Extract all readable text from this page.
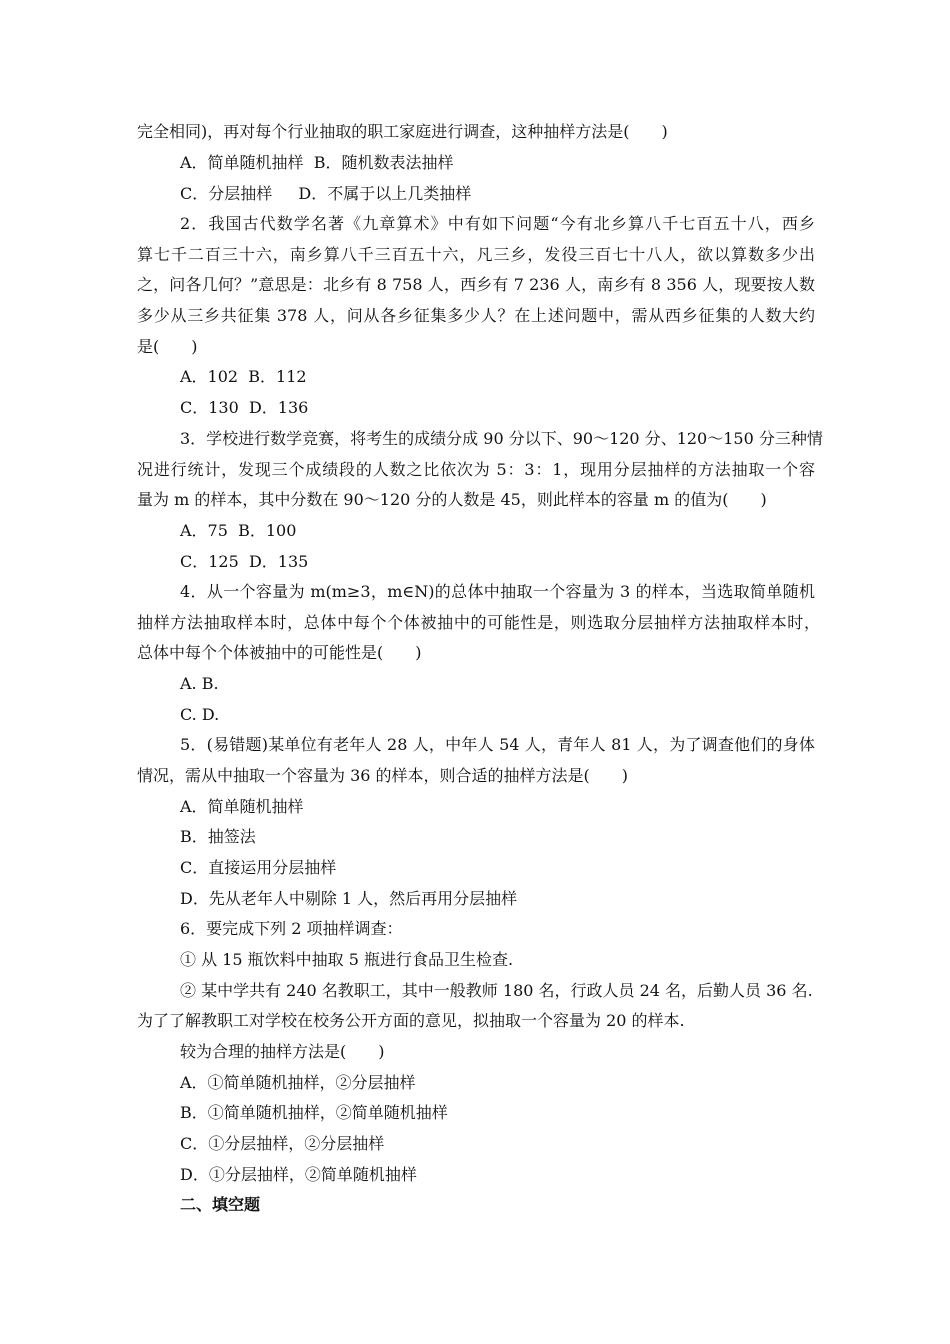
完全相同)，再对每个行业抽取的职工家庭进行调查，这种抽样方法是(　　)
A．简单随机抽样  B．随机数表法抽样
C．分层抽样　  D．不属于以上几类抽样
2．我国古代数学名著《九章算术》中有如下问题“今有北乡算八千七百五十八，西乡
算七千二百三十六，南乡算八千三百五十六，凡三乡，发役三百七十八人，欲以算数多少出
之，问各几何？”意思是：北乡有 8 758 人，西乡有 7 236 人，南乡有 8 356 人，现要按人数
多少从三乡共征集 378 人，问从各乡征集多少人？在上述问题中，需从西乡征集的人数大约
是(　　)
A．102  B．112
C．130  D．136
3．学校进行数学竞赛，将考生的成绩分成 90 分以下、90～120 分、120～150 分三种情
况进行统计，发现三个成绩段的人数之比依次为 5：3：1，现用分层抽样的方法抽取一个容
量为 m 的样本，其中分数在 90～120 分的人数是 45，则此样本的容量 m 的值为(　　)
A．75  B．100
C．125  D．135
4．从一个容量为 m(m≥3，m∈N)的总体中抽取一个容量为 3 的样本，当选取简单随机
抽样方法抽取样本时，总体中每个个体被抽中的可能性是，则选取分层抽样方法抽取样本时，
总体中每个个体被抽中的可能性是(　　)
A. B.
C. D.
5．(易错题)某单位有老年人 28 人，中年人 54 人，青年人 81 人，为了调查他们的身体
情况，需从中抽取一个容量为 36 的样本，则合适的抽样方法是(　　)
A．简单随机抽样
B．抽签法
C．直接运用分层抽样
D．先从老年人中剔除 1 人，然后再用分层抽样
6．要完成下列 2 项抽样调查：
① 从 15 瓶饮料中抽取 5 瓶进行食品卫生检查.
② 某中学共有 240 名教职工，其中一般教师 180 名，行政人员 24 名，后勤人员 36 名.
为了了解教职工对学校在校务公开方面的意见，拟抽取一个容量为 20 的样本.
较为合理的抽样方法是(　　)
A．①简单随机抽样，②分层抽样
B．①简单随机抽样，②简单随机抽样
C．①分层抽样，②分层抽样
D．①分层抽样，②简单随机抽样
二、填空题
